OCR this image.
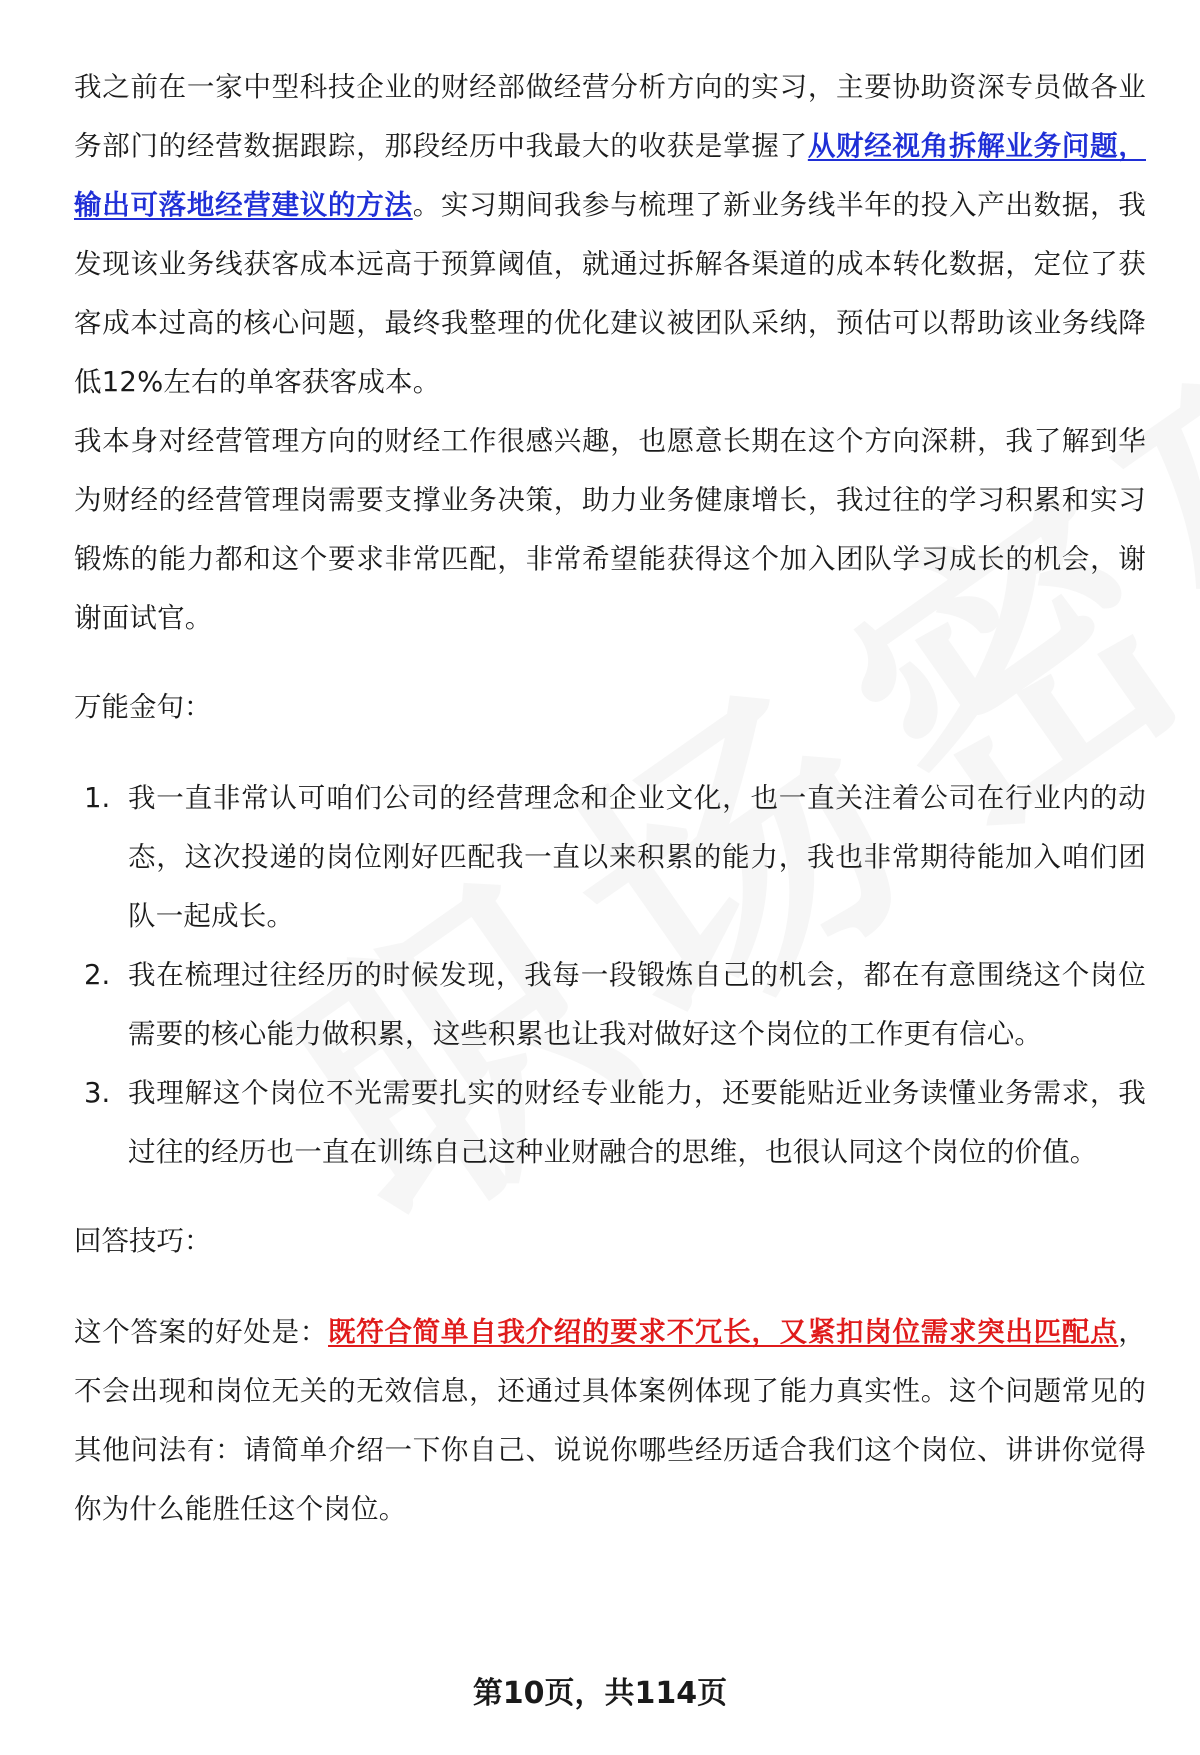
我之前在一家中型科技企业的财经部做经营分析方向的实习，主要协助资深专员做各业务部门的经营数据跟踪，那段经历中我最大的收获是掌握了从财经视角拆解业务问题，输出可落地经营建议的方法。实习期间我参与梳理了新业务线半年的投入产出数据，我发现该业务线获客成本远高于预算阈值，就通过拆解各渠道的成本转化数据，定位了获客成本过高的核心问题，最终我整理的优化建议被团队采纳，预估可以帮助该业务线降低12%左右的单客获客成本。

我本身对经营管理方向的财经工作很感兴趣，也愿意长期在这个方向深耕，我了解到华为财经的经营管理岗需要支撑业务决策，助力业务健康增长，我过往的学习积累和实习锻炼的能力都和这个要求非常匹配，非常希望能获得这个加入团队学习成长的机会，谢谢面试官。

万能金句：

1. 我一直非常认可咱们公司的经营理念和企业文化，也一直关注着公司在行业内的动态，这次投递的岗位刚好匹配我一直以来积累的能力，我也非常期待能加入咱们团队一起成长。
2. 我在梳理过往经历的时候发现，我每一段锻炼自己的机会，都在有意围绕这个岗位需要的核心能力做积累，这些积累也让我对做好这个岗位的工作更有信心。
3. 我理解这个岗位不光需要扎实的财经专业能力，还要能贴近业务读懂业务需求，我过往的经历也一直在训练自己这种业财融合的思维，也很认同这个岗位的价值。

回答技巧：

这个答案的好处是：既符合简单自我介绍的要求不冗长，又紧扣岗位需求突出匹配点，不会出现和岗位无关的无效信息，还通过具体案例体现了能力真实性。这个问题常见的其他问法有：请简单介绍一下你自己、说说你哪些经历适合我们这个岗位、讲讲你觉得你为什么能胜任这个岗位。

第10页，共114页
